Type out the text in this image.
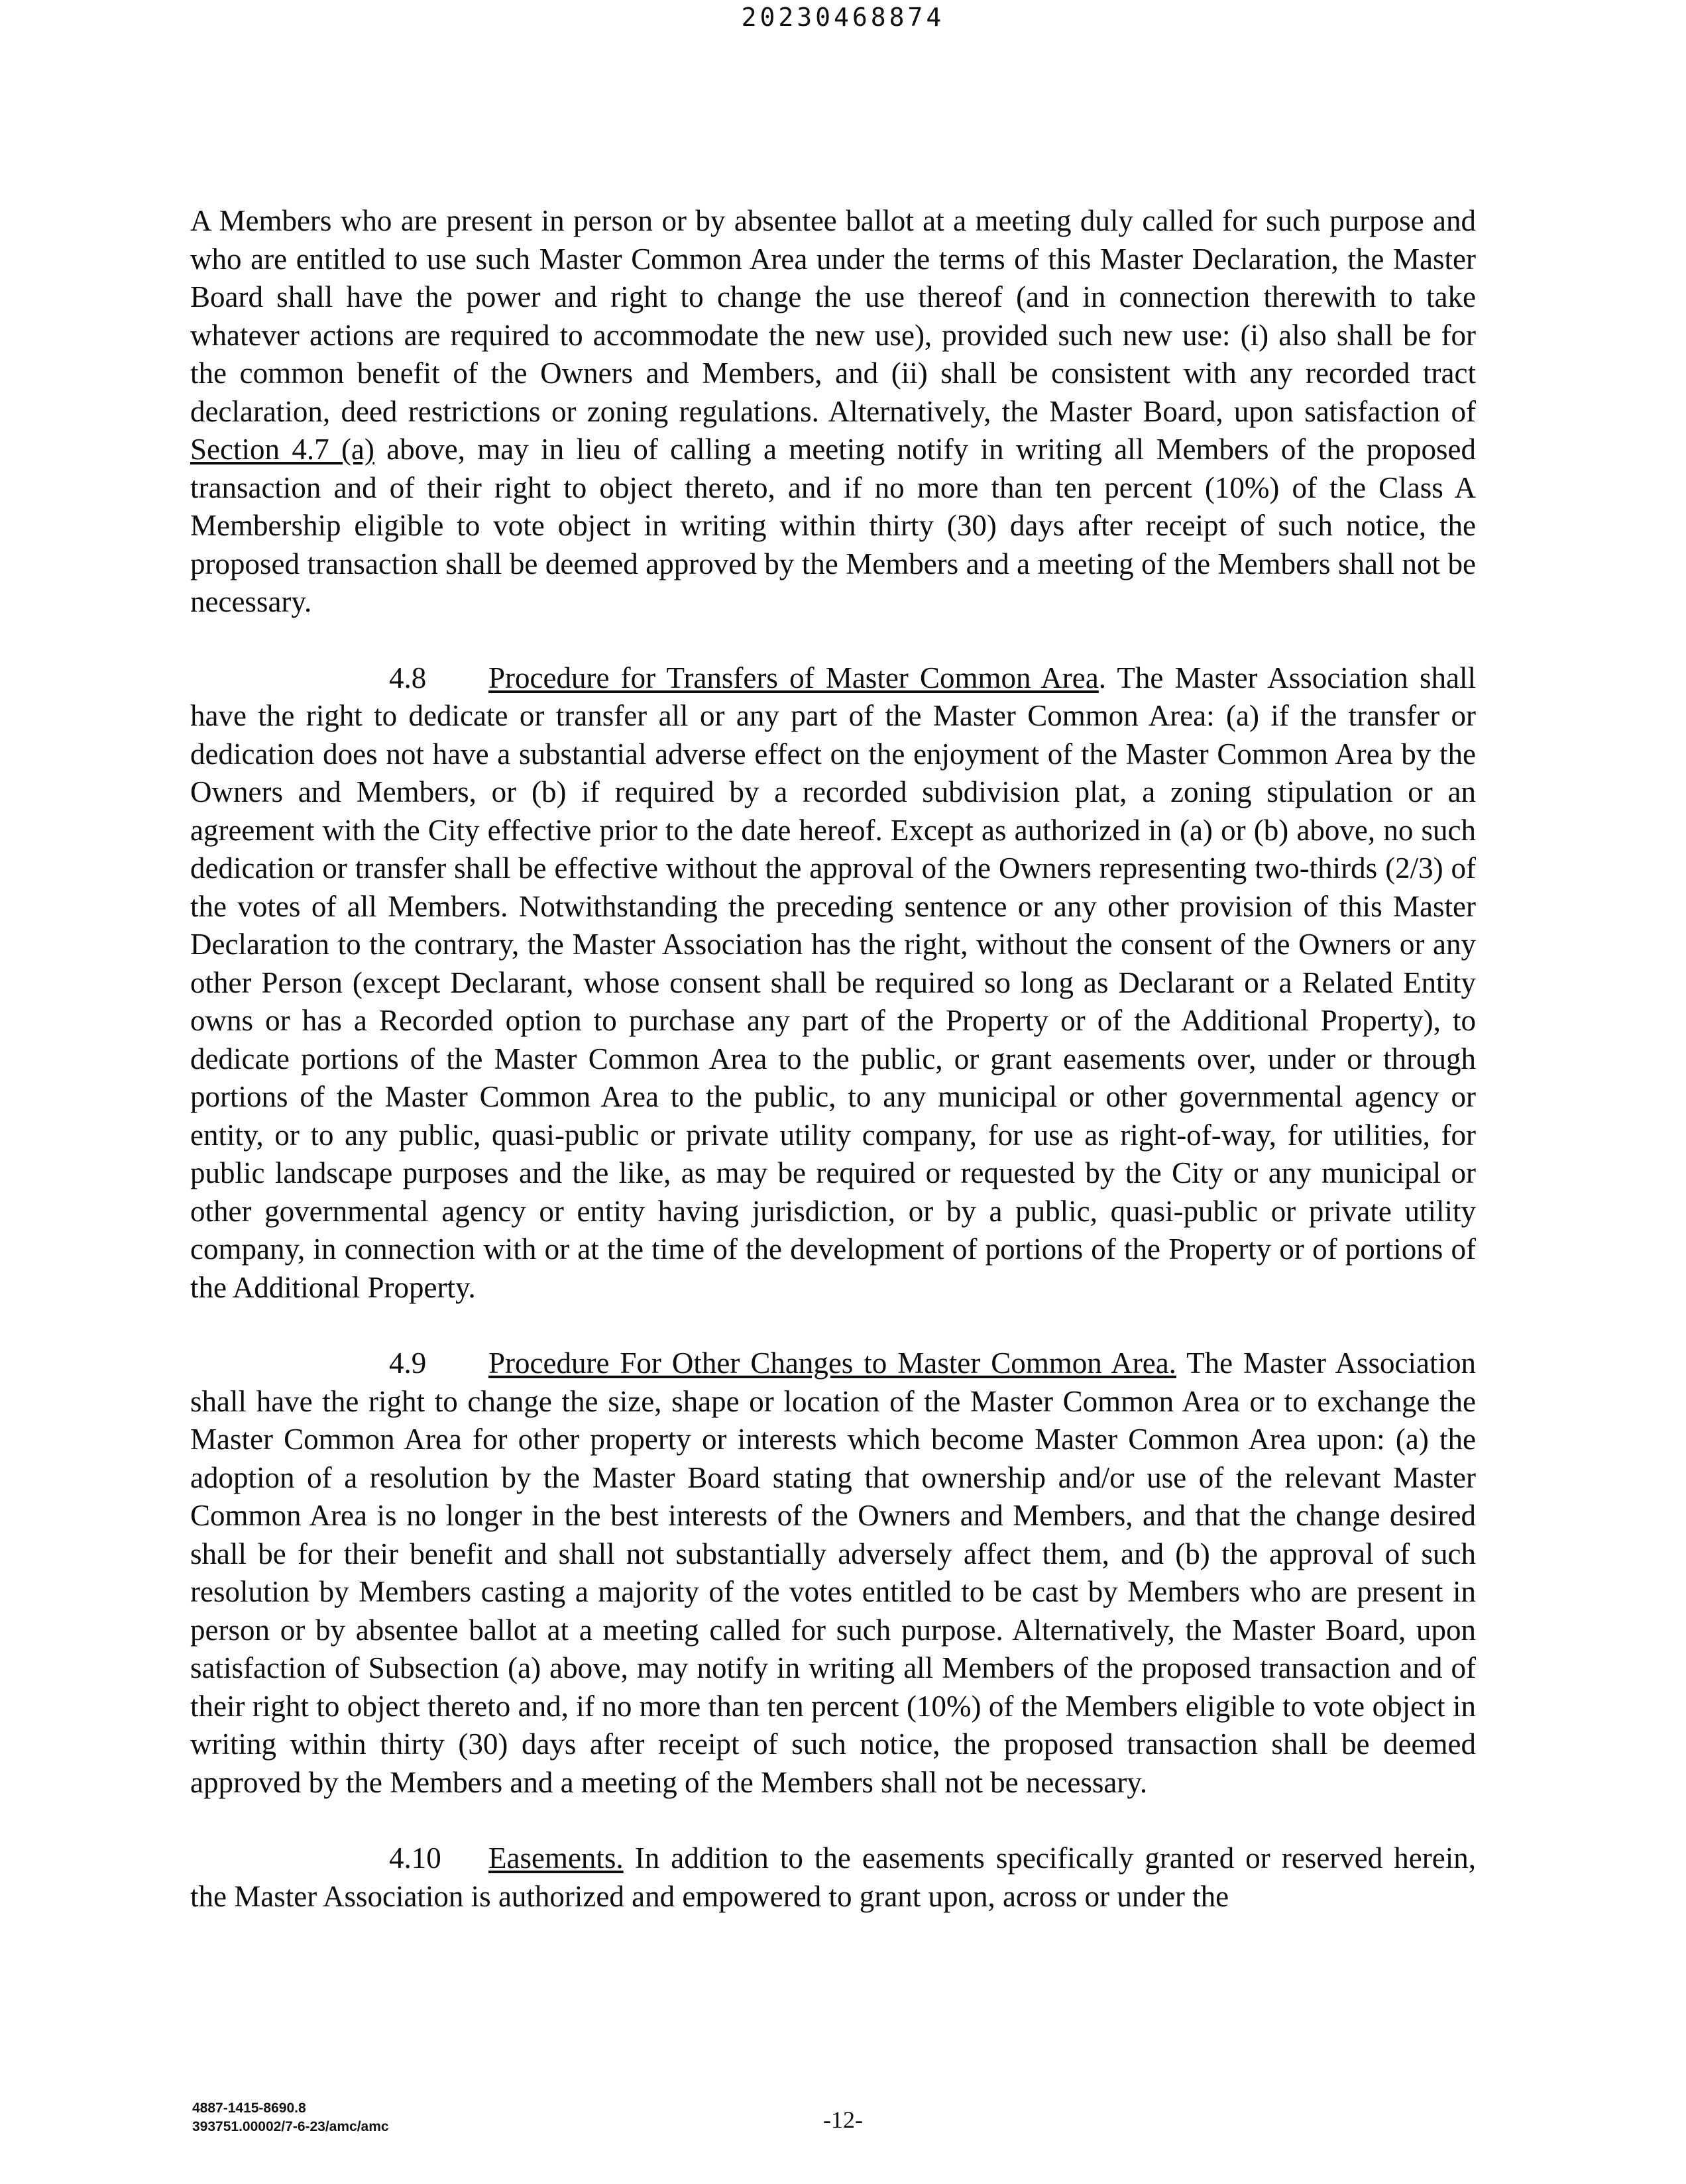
20230468874

A Members who are present in person or by absentee ballot at a meeting duly called for such purpose and who are entitled to use such Master Common Area under the terms of this Master Declaration, the Master Board shall have the power and right to change the use thereof (and in connection therewith to take whatever actions are required to accommodate the new use), provided such new use: (i) also shall be for the common benefit of the Owners and Members, and (ii) shall be consistent with any recorded tract declaration, deed restrictions or zoning regulations. Alternatively, the Master Board, upon satisfaction of Section 4.7 (a) above, may in lieu of calling a meeting notify in writing all Members of the proposed transaction and of their right to object thereto, and if no more than ten percent (10%) of the Class A Membership eligible to vote object in writing within thirty (30) days after receipt of such notice, the proposed transaction shall be deemed approved by the Members and a meeting of the Members shall not be necessary.

4.8 Procedure for Transfers of Master Common Area. The Master Association shall have the right to dedicate or transfer all or any part of the Master Common Area: (a) if the transfer or dedication does not have a substantial adverse effect on the enjoyment of the Master Common Area by the Owners and Members, or (b) if required by a recorded subdivision plat, a zoning stipulation or an agreement with the City effective prior to the date hereof. Except as authorized in (a) or (b) above, no such dedication or transfer shall be effective without the approval of the Owners representing two-thirds (2/3) of the votes of all Members. Notwithstanding the preceding sentence or any other provision of this Master Declaration to the contrary, the Master Association has the right, without the consent of the Owners or any other Person (except Declarant, whose consent shall be required so long as Declarant or a Related Entity owns or has a Recorded option to purchase any part of the Property or of the Additional Property), to dedicate portions of the Master Common Area to the public, or grant easements over, under or through portions of the Master Common Area to the public, to any municipal or other governmental agency or entity, or to any public, quasi-public or private utility company, for use as right-of-way, for utilities, for public landscape purposes and the like, as may be required or requested by the City or any municipal or other governmental agency or entity having jurisdiction, or by a public, quasi-public or private utility company, in connection with or at the time of the development of portions of the Property or of portions of the Additional Property.

4.9 Procedure For Other Changes to Master Common Area. The Master Association shall have the right to change the size, shape or location of the Master Common Area or to exchange the Master Common Area for other property or interests which become Master Common Area upon: (a) the adoption of a resolution by the Master Board stating that ownership and/or use of the relevant Master Common Area is no longer in the best interests of the Owners and Members, and that the change desired shall be for their benefit and shall not substantially adversely affect them, and (b) the approval of such resolution by Members casting a majority of the votes entitled to be cast by Members who are present in person or by absentee ballot at a meeting called for such purpose. Alternatively, the Master Board, upon satisfaction of Subsection (a) above, may notify in writing all Members of the proposed transaction and of their right to object thereto and, if no more than ten percent (10%) of the Members eligible to vote object in writing within thirty (30) days after receipt of such notice, the proposed transaction shall be deemed approved by the Members and a meeting of the Members shall not be necessary.

4.10 Easements. In addition to the easements specifically granted or reserved herein, the Master Association is authorized and empowered to grant upon, across or under the

4887-1415-8690.8
393751.00002/7-6-23/amc/amc	-12-
